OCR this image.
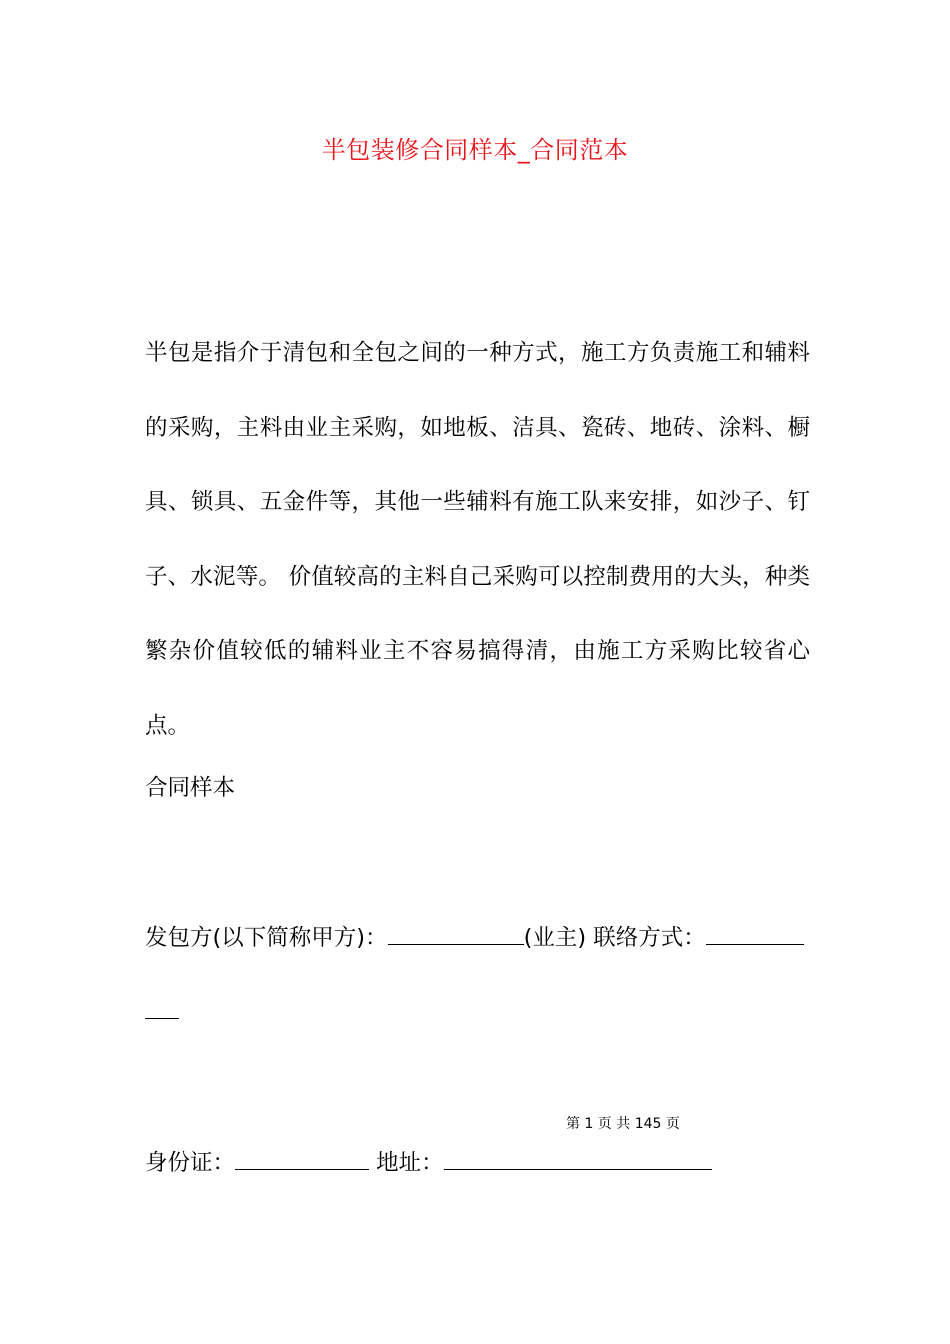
半包装修合同样本_合同范本

半包是指介于清包和全包之间的一种方式，施工方负责施工和辅料的采购，主料由业主采购，如地板、洁具、瓷砖、地砖、涂料、橱具、锁具、五金件等，其他一些辅料有施工队来安排，如沙子、钉子、水泥等。 价值较高的主料自己采购可以控制费用的大头，种类繁杂价值较低的辅料业主不容易搞得清，由施工方采购比较省心点。

合同样本

发包方(以下简称甲方)：	(业主) 联络方式：
第 1 页 共 145 页
身份证：	地址：
